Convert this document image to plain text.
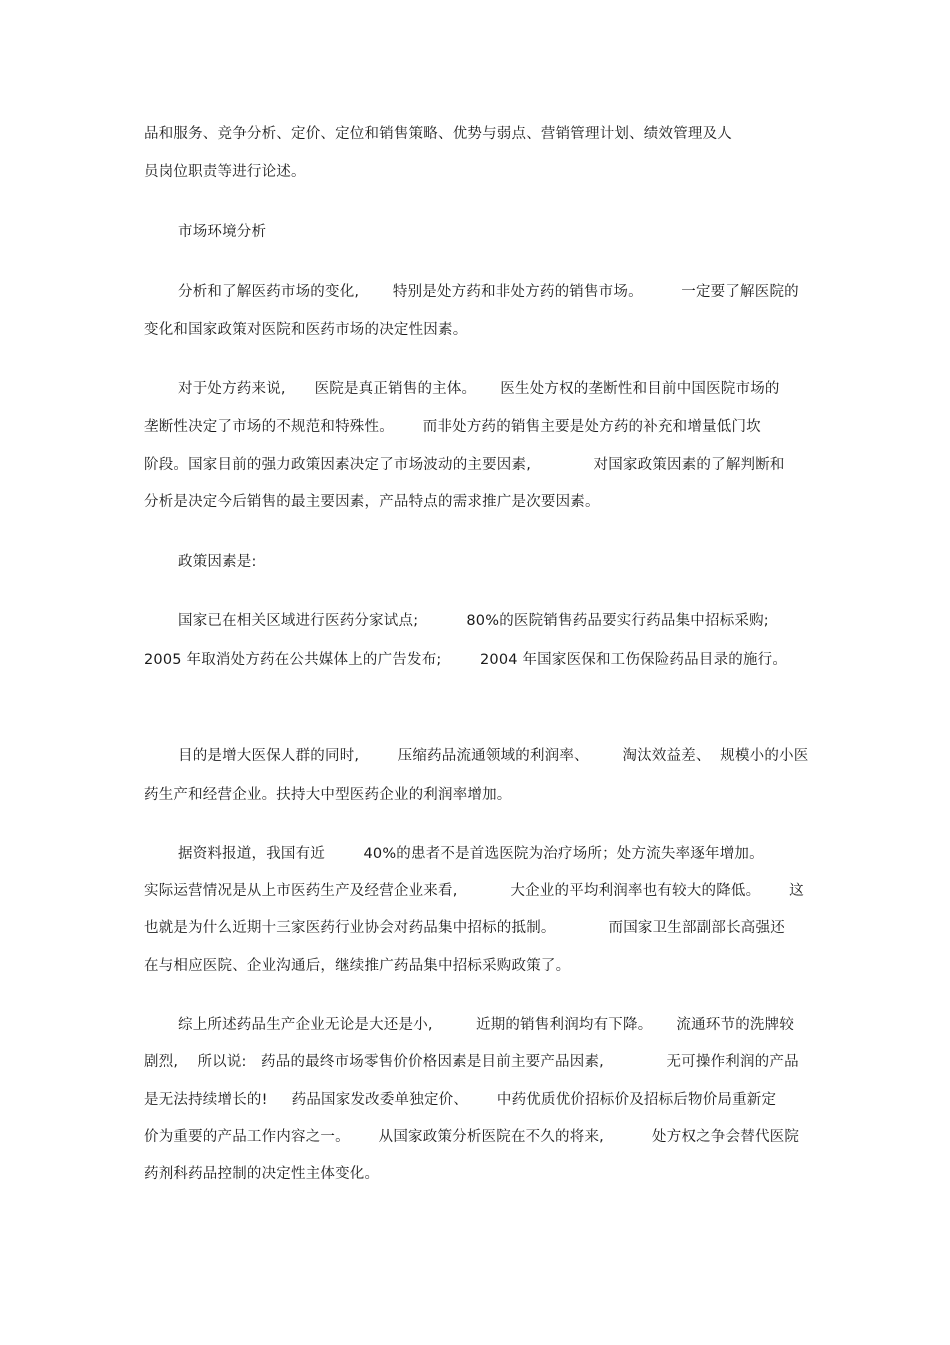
品和服务、竞争分析、定价、定位和销售策略、优势与弱点、营销管理计划、绩效管理及人
员岗位职责等进行论述。
市场环境分析
分析和了解医药市场的变化,       特别是处方药和非处方药的销售市场。        一定要了解医院的
变化和国家政策对医院和医药市场的决定性因素。
对于处方药来说,      医院是真正销售的主体。     医生处方权的垄断性和目前中国医院市场的
垄断性决定了市场的不规范和特殊性。      而非处方药的销售主要是处方药的补充和增量低门坎
阶段。国家目前的强力政策因素决定了市场波动的主要因素,             对国家政策因素的了解判断和
分析是决定今后销售的最主要因素，产品特点的需求推广是次要因素。
政策因素是:
国家已在相关区域进行医药分家试点;          80%的医院销售药品要实行药品集中招标采购;
2005 年取消处方药在公共媒体上的广告发布;        2004 年国家医保和工伤保险药品目录的施行。
目的是增大医保人群的同时,        压缩药品流通领域的利润率、       淘汰效益差、  规模小的小医
药生产和经营企业。扶持大中型医药企业的利润率增加。
据资料报道，我国有近        40%的患者不是首选医院为治疗场所；处方流失率逐年增加。
实际运营情况是从上市医药生产及经营企业来看,           大企业的平均利润率也有较大的降低。      这
也就是为什么近期十三家医药行业协会对药品集中招标的抵制。           而国家卫生部副部长高强还
在与相应医院、企业沟通后，继续推广药品集中招标采购政策了。
综上所述药品生产企业无论是大还是小,         近期的销售利润均有下降。     流通环节的洗牌较
剧烈,    所以说:   药品的最终市场零售价价格因素是目前主要产品因素,             无可操作利润的产品
是无法持续增长的!     药品国家发改委单独定价、      中药优质优价招标价及招标后物价局重新定
价为重要的产品工作内容之一。      从国家政策分析医院在不久的将来,          处方权之争会替代医院
药剂科药品控制的决定性主体变化。
